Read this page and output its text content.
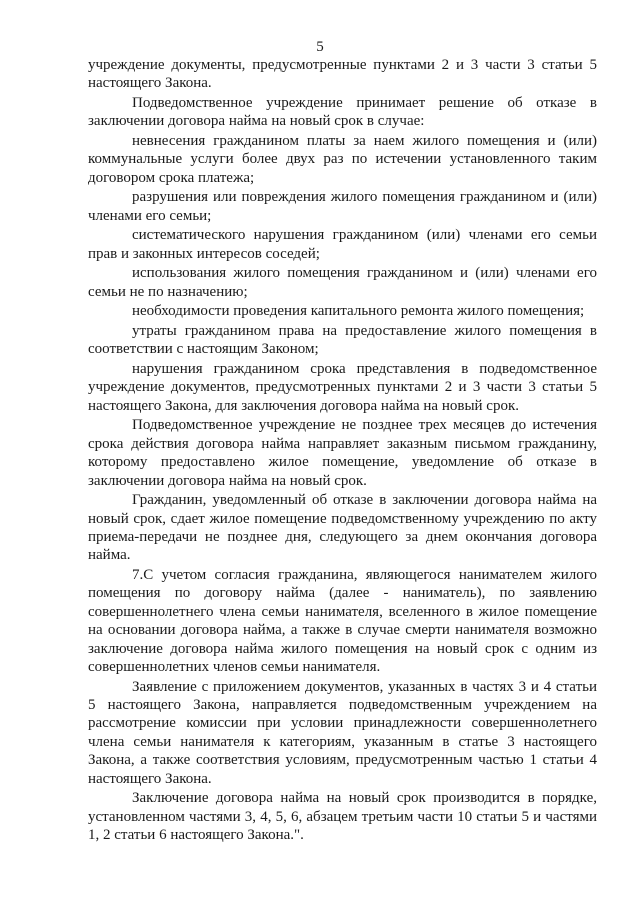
5

учреждение документы, предусмотренные пунктами 2 и 3 части 3 статьи 5 настоящего Закона.

Подведомственное учреждение принимает решение об отказе в заключении договора найма на новый срок в случае:

невнесения гражданином платы за наем жилого помещения и (или) коммунальные услуги более двух раз по истечении установленного таким договором срока платежа;

разрушения или повреждения жилого помещения гражданином и (или) членами его семьи;

систематического нарушения гражданином (или) членами его семьи прав и законных интересов соседей;

использования жилого помещения гражданином и (или) членами его семьи не по назначению;

необходимости проведения капитального ремонта жилого помещения;

утраты гражданином права на предоставление жилого помещения в соответствии с настоящим Законом;

нарушения гражданином срока представления в подведомственное учреждение документов, предусмотренных пунктами 2 и 3 части 3 статьи 5 настоящего Закона, для заключения договора найма на новый срок.

Подведомственное учреждение не позднее трех месяцев до истечения срока действия договора найма направляет заказным письмом гражданину, которому предоставлено жилое помещение, уведомление об отказе в заключении договора найма на новый срок.

Гражданин, уведомленный об отказе в заключении договора найма на новый срок, сдает жилое помещение подведомственному учреждению по акту приема-передачи не позднее дня, следующего за днем окончания договора найма.

7.С учетом согласия гражданина, являющегося нанимателем жилого помещения по договору найма (далее - наниматель), по заявлению совершеннолетнего члена семьи нанимателя, вселенного в жилое помещение на основании договора найма, а также в случае смерти нанимателя возможно заключение договора найма жилого помещения на новый срок с одним из совершеннолетних членов семьи нанимателя.

Заявление с приложением документов, указанных в частях 3 и 4 статьи 5 настоящего Закона, направляется подведомственным учреждением на рассмотрение комиссии при условии принадлежности совершеннолетнего члена семьи нанимателя к категориям, указанным в статье 3 настоящего Закона, а также соответствия условиям, предусмотренным частью 1 статьи 4 настоящего Закона.

Заключение договора найма на новый срок производится в порядке, установленном частями 3, 4, 5, 6, абзацем третьим части 10 статьи 5 и частями 1, 2 статьи 6 настоящего Закона.".
